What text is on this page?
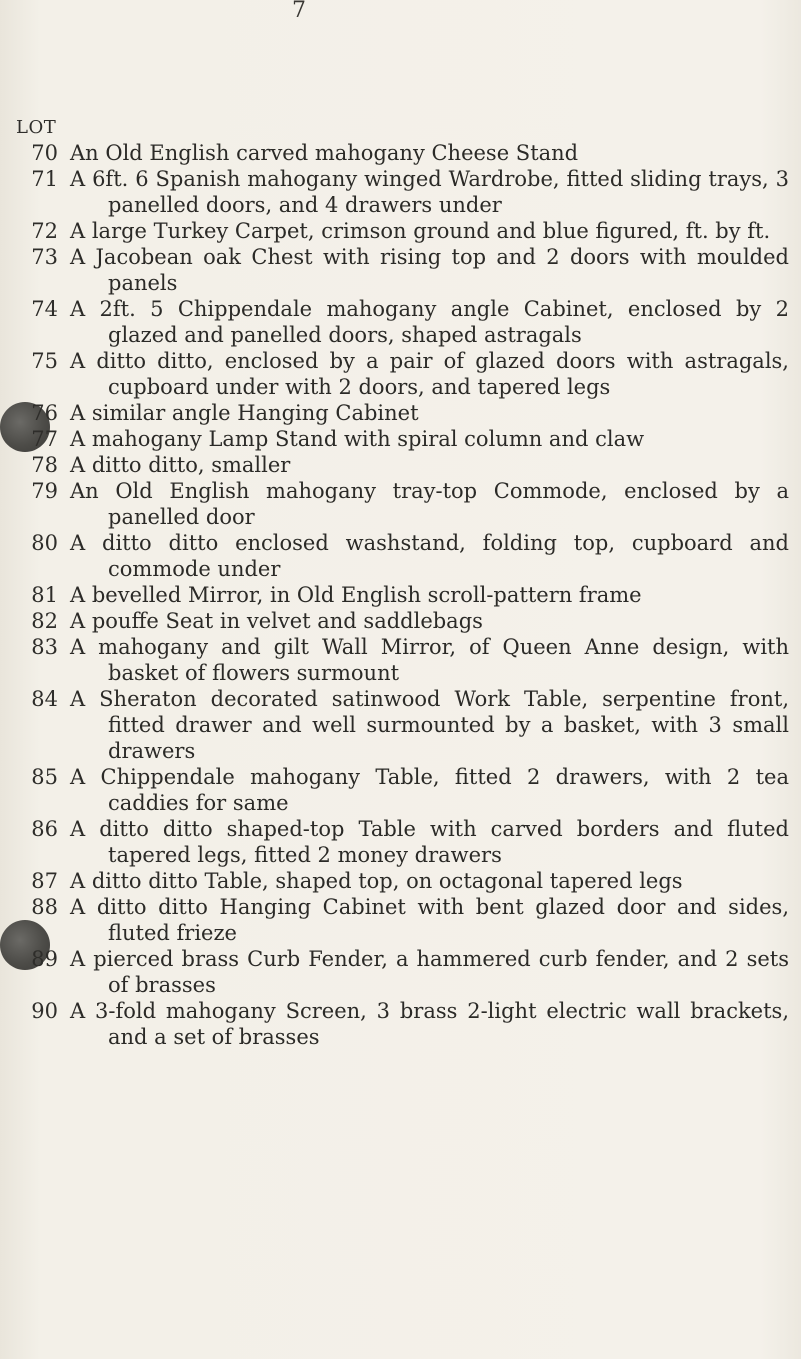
7
LOT
70 An Old English carved mahogany Cheese Stand
71 A 6ft. 6 Spanish mahogany winged Wardrobe, fitted sliding trays, 3 panelled doors, and 4 drawers under
72 A large Turkey Carpet, crimson ground and blue figured, ft. by ft.
73 A Jacobean oak Chest with rising top and 2 doors with moulded panels
74 A 2ft. 5 Chippendale mahogany angle Cabinet, enclosed by 2 glazed and panelled doors, shaped astragals
75 A ditto ditto, enclosed by a pair of glazed doors with astragals, cupboard under with 2 doors, and tapered legs
76 A similar angle Hanging Cabinet
77 A mahogany Lamp Stand with spiral column and claw
78 A ditto ditto, smaller
79 An Old English mahogany tray-top Commode, enclosed by a panelled door
80 A ditto ditto enclosed washstand, folding top, cupboard and commode under
81 A bevelled Mirror, in Old English scroll-pattern frame
82 A pouffe Seat in velvet and saddlebags
83 A mahogany and gilt Wall Mirror, of Queen Anne design, with basket of flowers surmount
84 A Sheraton decorated satinwood Work Table, serpentine front, fitted drawer and well surmounted by a basket, with 3 small drawers
85 A Chippendale mahogany Table, fitted 2 drawers, with 2 tea caddies for same
86 A ditto ditto shaped-top Table with carved borders and fluted tapered legs, fitted 2 money drawers
87 A ditto ditto Table, shaped top, on octagonal tapered legs
88 A ditto ditto Hanging Cabinet with bent glazed door and sides, fluted frieze
89 A pierced brass Curb Fender, a hammered curb fender, and 2 sets of brasses
90 A 3-fold mahogany Screen, 3 brass 2-light electric wall brackets, and a set of brasses
